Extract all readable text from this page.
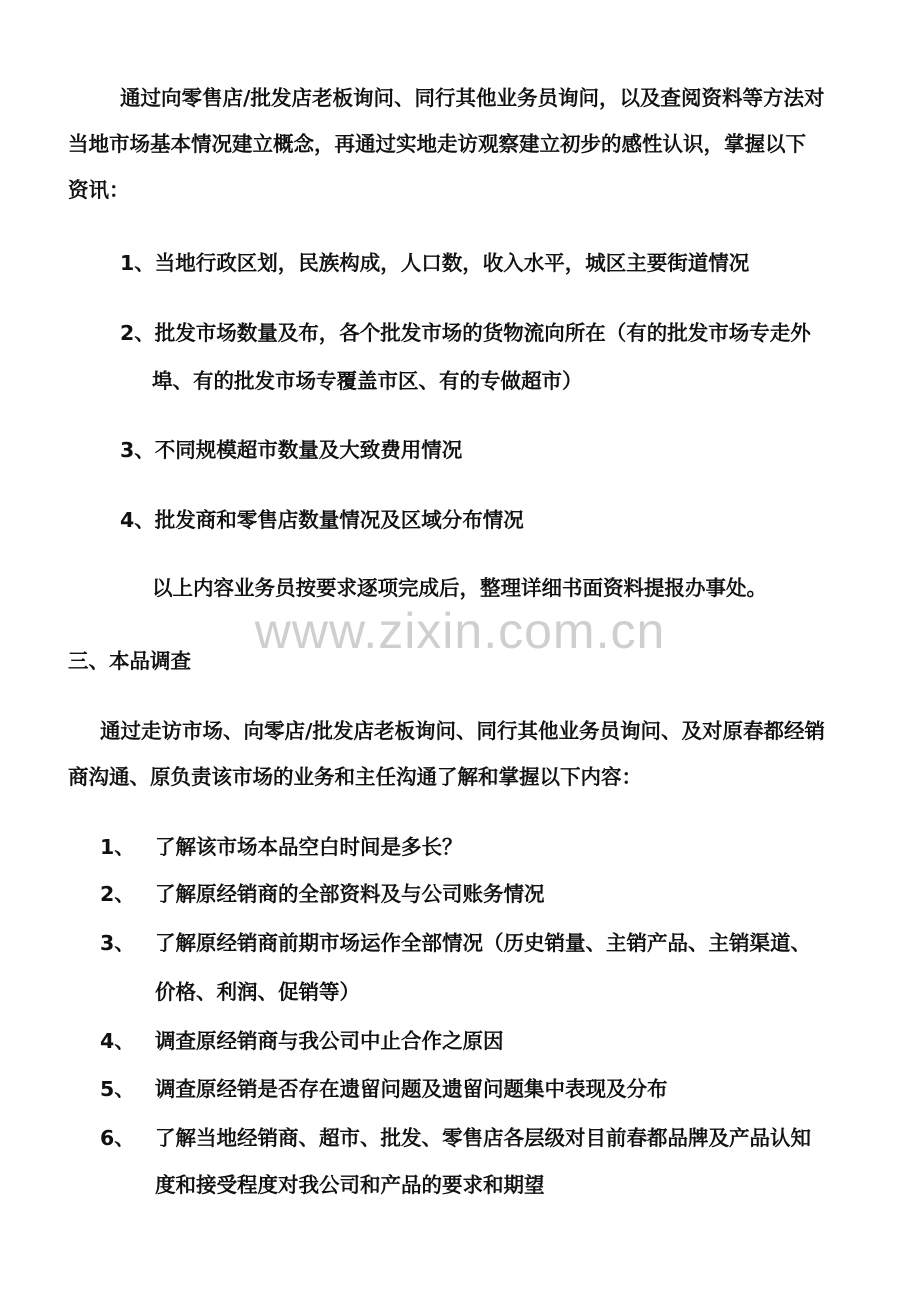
通过向零售店/批发店老板询问、同行其他业务员询问，以及查阅资料等方法对
当地市场基本情况建立概念，再通过实地走访观察建立初步的感性认识，掌握以下
资讯：
1、当地行政区划，民族构成，人口数，收入水平，城区主要街道情况
2、批发市场数量及布，各个批发市场的货物流向所在（有的批发市场专走外
埠、有的批发市场专覆盖市区、有的专做超市）
3、不同规模超市数量及大致费用情况
4、批发商和零售店数量情况及区域分布情况
以上内容业务员按要求逐项完成后，整理详细书面资料提报办事处。
www.zixin.com.cn
三、本品调查
通过走访市场、向零店/批发店老板询问、同行其他业务员询问、及对原春都经销
商沟通、原负责该市场的业务和主任沟通了解和掌握以下内容：
1、 了解该市场本品空白时间是多长？
2、 了解原经销商的全部资料及与公司账务情况
3、 了解原经销商前期市场运作全部情况（历史销量、主销产品、主销渠道、
价格、利润、促销等）
4、 调查原经销商与我公司中止合作之原因
5、 调查原经销是否存在遗留问题及遗留问题集中表现及分布
6、 了解当地经销商、超市、批发、零售店各层级对目前春都品牌及产品认知
度和接受程度对我公司和产品的要求和期望
